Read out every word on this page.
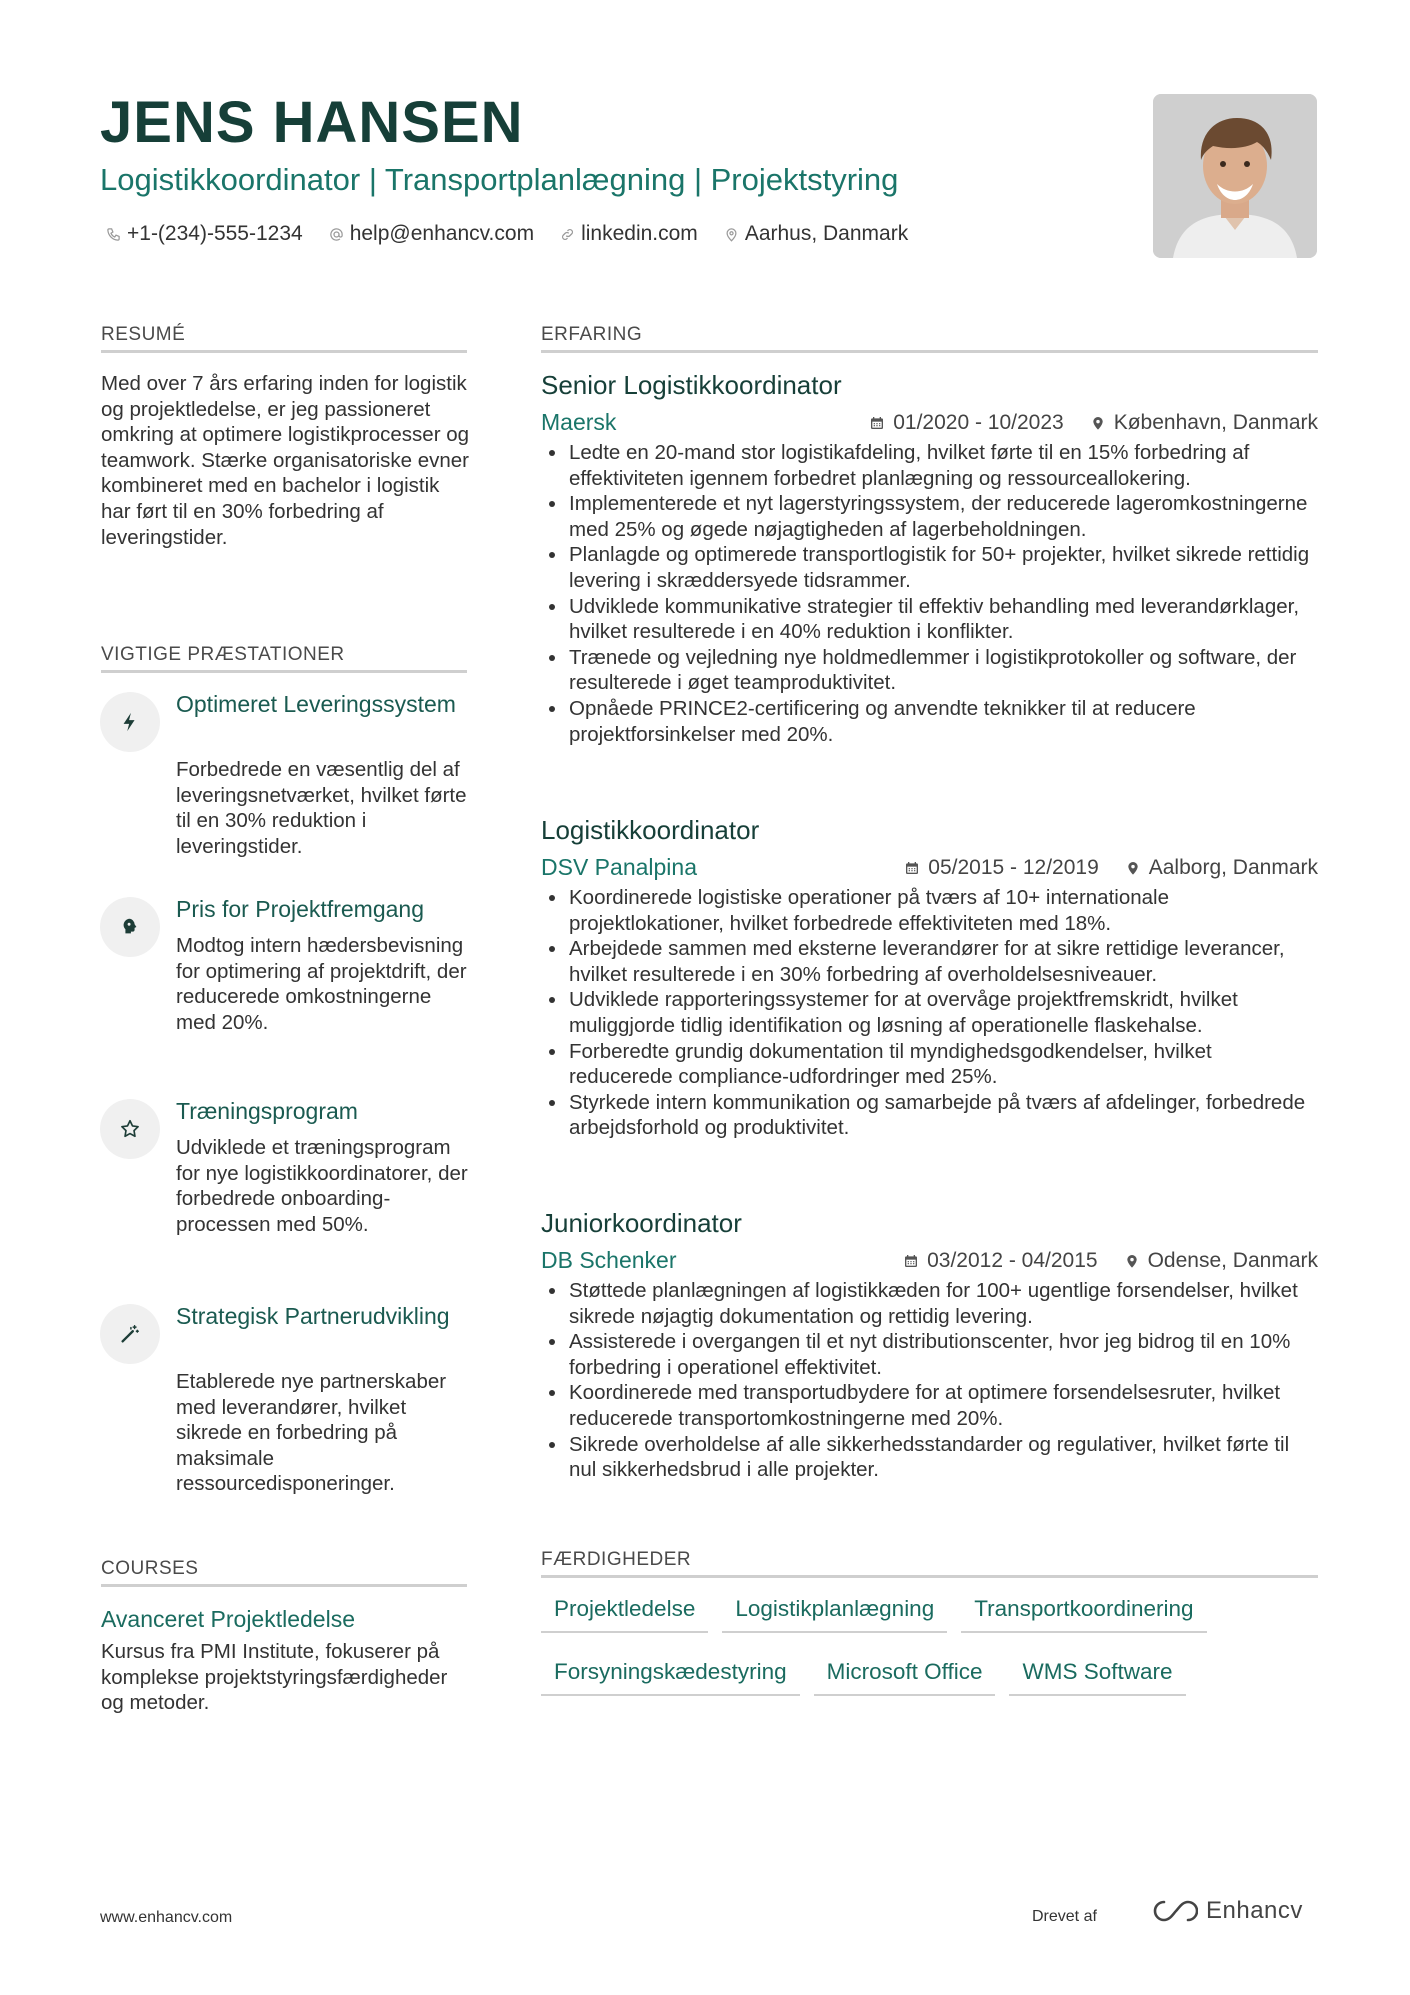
JENS HANSEN
Logistikkoordinator | Transportplanlægning | Projektstyring
+1-(234)-555-1234 help@enhancv.com linkedin.com Aarhus, Danmark
RESUMÉ
Med over 7 års erfaring inden for logistik og projektledelse, er jeg passioneret omkring at optimere logistikprocesser og teamwork. Stærke organisatoriske evner kombineret med en bachelor i logistik har ført til en 30% forbedring af leveringstider.
VIGTIGE PRÆSTATIONER
Optimeret Leveringssystem
Forbedrede en væsentlig del af leveringsnetværket, hvilket førte til en 30% reduktion i leveringstider.
Pris for Projektfremgang
Modtog intern hædersbevisning for optimering af projektdrift, der reducerede omkostningerne med 20%.
Træningsprogram
Udviklede et træningsprogram for nye logistikkoordinatorer, der forbedrede onboarding-processen med 50%.
Strategisk Partnerudvikling
Etablerede nye partnerskaber med leverandører, hvilket sikrede en forbedring på maksimale ressourcedisponeringer.
COURSES
Avanceret Projektledelse
Kursus fra PMI Institute, fokuserer på komplekse projektstyringsfærdigheder og metoder.
ERFARING
Senior Logistikkoordinator
Maersk	01/2020 - 10/2023 København, Danmark
Ledte en 20-mand stor logistikafdeling, hvilket førte til en 15% forbedring af effektiviteten igennem forbedret planlægning og ressourceallokering.
Implementerede et nyt lagerstyringssystem, der reducerede lageromkostningerne med 25% og øgede nøjagtigheden af lagerbeholdningen.
Planlagde og optimerede transportlogistik for 50+ projekter, hvilket sikrede rettidig levering i skræddersyede tidsrammer.
Udviklede kommunikative strategier til effektiv behandling med leverandørklager, hvilket resulterede i en 40% reduktion i konflikter.
Trænede og vejledning nye holdmedlemmer i logistikprotokoller og software, der resulterede i øget teamproduktivitet.
Opnåede PRINCE2-certificering og anvendte teknikker til at reducere projektforsinkelser med 20%.
Logistikkoordinator
DSV Panalpina	05/2015 - 12/2019 Aalborg, Danmark
Koordinerede logistiske operationer på tværs af 10+ internationale projektlokationer, hvilket forbedrede effektiviteten med 18%.
Arbejdede sammen med eksterne leverandører for at sikre rettidige leverancer, hvilket resulterede i en 30% forbedring af overholdelsesniveauer.
Udviklede rapporteringssystemer for at overvåge projektfremskridt, hvilket muliggjorde tidlig identifikation og løsning af operationelle flaskehalse.
Forberedte grundig dokumentation til myndighedsgodkendelser, hvilket reducerede compliance-udfordringer med 25%.
Styrkede intern kommunikation og samarbejde på tværs af afdelinger, forbedrede arbejdsforhold og produktivitet.
Juniorkoordinator
DB Schenker	03/2012 - 04/2015 Odense, Danmark
Støttede planlægningen af logistikkæden for 100+ ugentlige forsendelser, hvilket sikrede nøjagtig dokumentation og rettidig levering.
Assisterede i overgangen til et nyt distributionscenter, hvor jeg bidrog til en 10% forbedring i operationel effektivitet.
Koordinerede med transportudbydere for at optimere forsendelsesruter, hvilket reducerede transportomkostningerne med 20%.
Sikrede overholdelse af alle sikkerhedsstandarder og regulativer, hvilket førte til nul sikkerhedsbrud i alle projekter.
FÆRDIGHEDER
Projektledelse	Logistikplanlægning	Transportkoordinering
Forsyningskædestyring	Microsoft Office	WMS Software
www.enhancv.com	Drevet af	Enhancv
